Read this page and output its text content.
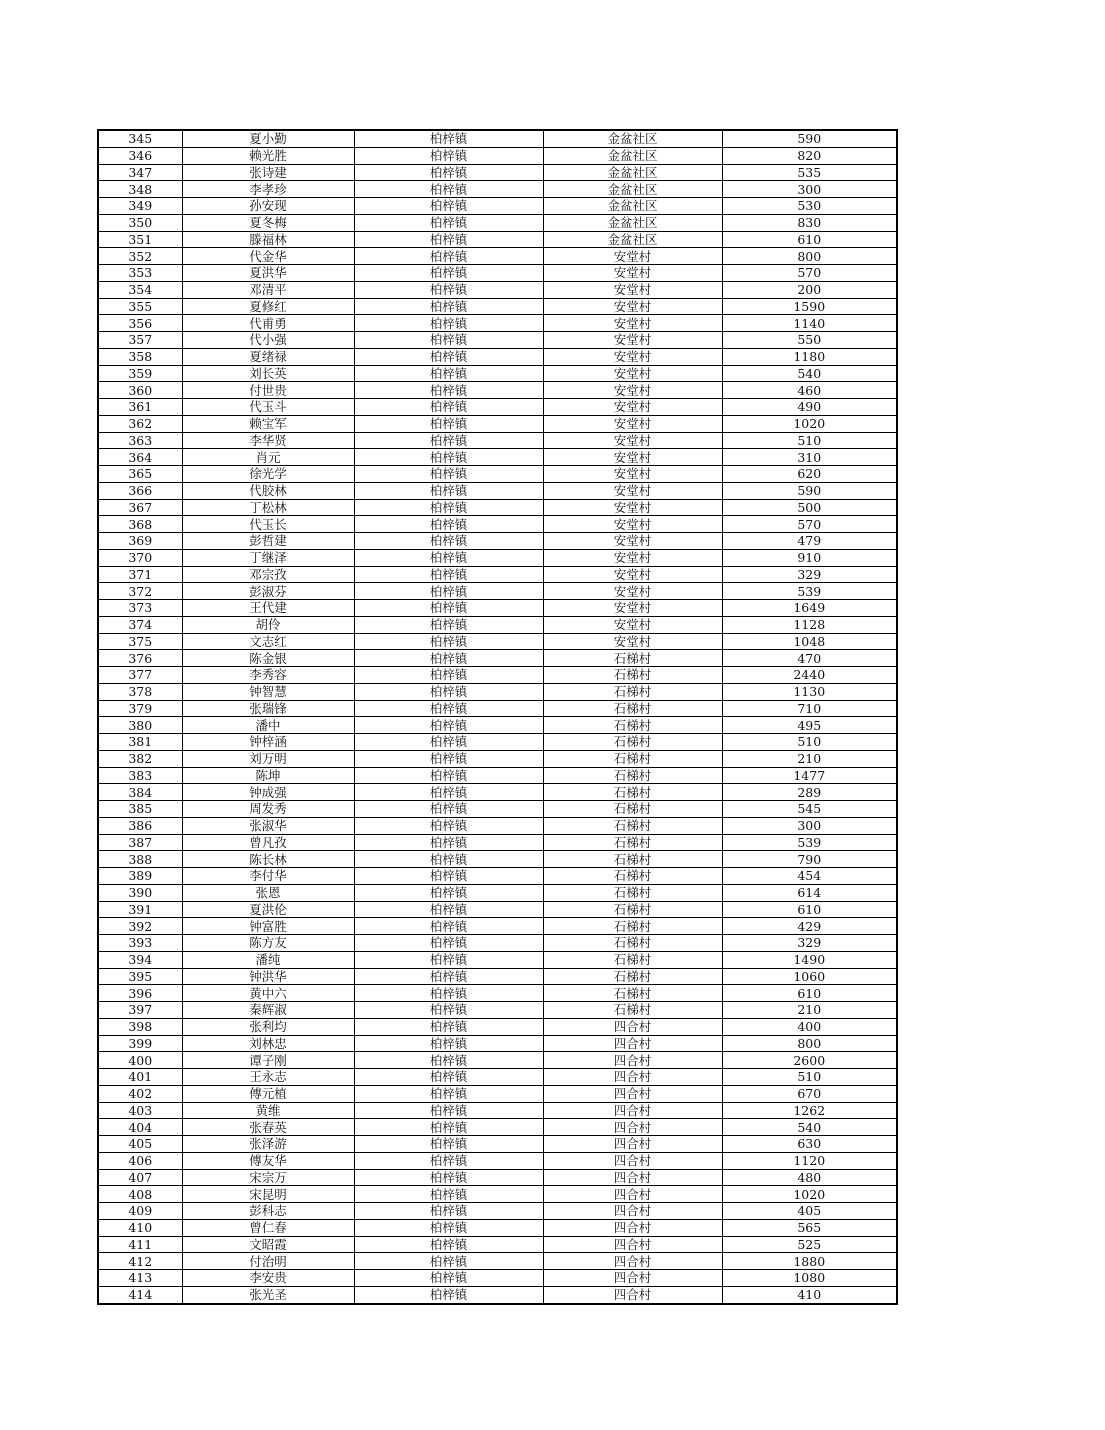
345	夏小勤	柏梓镇	金盆社区	590
346	赖光胜	柏梓镇	金盆社区	820
347	张诗建	柏梓镇	金盆社区	535
348	李孝珍	柏梓镇	金盆社区	300
349	孙安现	柏梓镇	金盆社区	530
350	夏冬梅	柏梓镇	金盆社区	830
351	滕福林	柏梓镇	金盆社区	610
352	代金华	柏梓镇	安堂村	800
353	夏洪华	柏梓镇	安堂村	570
354	邓清平	柏梓镇	安堂村	200
355	夏修红	柏梓镇	安堂村	1590
356	代甫勇	柏梓镇	安堂村	1140
357	代小强	柏梓镇	安堂村	550
358	夏绪禄	柏梓镇	安堂村	1180
359	刘长英	柏梓镇	安堂村	540
360	付世贵	柏梓镇	安堂村	460
361	代玉斗	柏梓镇	安堂村	490
362	赖宝军	柏梓镇	安堂村	1020
363	李华贤	柏梓镇	安堂村	510
364	肖元	柏梓镇	安堂村	310
365	徐光学	柏梓镇	安堂村	620
366	代胶林	柏梓镇	安堂村	590
367	丁松林	柏梓镇	安堂村	500
368	代玉长	柏梓镇	安堂村	570
369	彭哲建	柏梓镇	安堂村	479
370	丁继泽	柏梓镇	安堂村	910
371	邓宗孜	柏梓镇	安堂村	329
372	彭淑芬	柏梓镇	安堂村	539
373	王代建	柏梓镇	安堂村	1649
374	胡伶	柏梓镇	安堂村	1128
375	文志红	柏梓镇	安堂村	1048
376	陈金银	柏梓镇	石梯村	470
377	李秀容	柏梓镇	石梯村	2440
378	钟智慧	柏梓镇	石梯村	1130
379	张瑞锋	柏梓镇	石梯村	710
380	潘中	柏梓镇	石梯村	495
381	钟梓涵	柏梓镇	石梯村	510
382	刘万明	柏梓镇	石梯村	210
383	陈坤	柏梓镇	石梯村	1477
384	钟成强	柏梓镇	石梯村	289
385	周发秀	柏梓镇	石梯村	545
386	张淑华	柏梓镇	石梯村	300
387	曾凡孜	柏梓镇	石梯村	539
388	陈长林	柏梓镇	石梯村	790
389	李付华	柏梓镇	石梯村	454
390	张恩	柏梓镇	石梯村	614
391	夏洪伦	柏梓镇	石梯村	610
392	钟富胜	柏梓镇	石梯村	429
393	陈方友	柏梓镇	石梯村	329
394	潘纯	柏梓镇	石梯村	1490
395	钟洪华	柏梓镇	石梯村	1060
396	黄中六	柏梓镇	石梯村	610
397	秦辉淑	柏梓镇	石梯村	210
398	张利均	柏梓镇	四合村	400
399	刘林忠	柏梓镇	四合村	800
400	谭子刚	柏梓镇	四合村	2600
401	王永志	柏梓镇	四合村	510
402	傅元植	柏梓镇	四合村	670
403	黄维	柏梓镇	四合村	1262
404	张春英	柏梓镇	四合村	540
405	张泽游	柏梓镇	四合村	630
406	傅友华	柏梓镇	四合村	1120
407	宋宗万	柏梓镇	四合村	480
408	宋昆明	柏梓镇	四合村	1020
409	彭科志	柏梓镇	四合村	405
410	曾仁春	柏梓镇	四合村	565
411	文昭霞	柏梓镇	四合村	525
412	付治明	柏梓镇	四合村	1880
413	李安贵	柏梓镇	四合村	1080
414	张光圣	柏梓镇	四合村	410
